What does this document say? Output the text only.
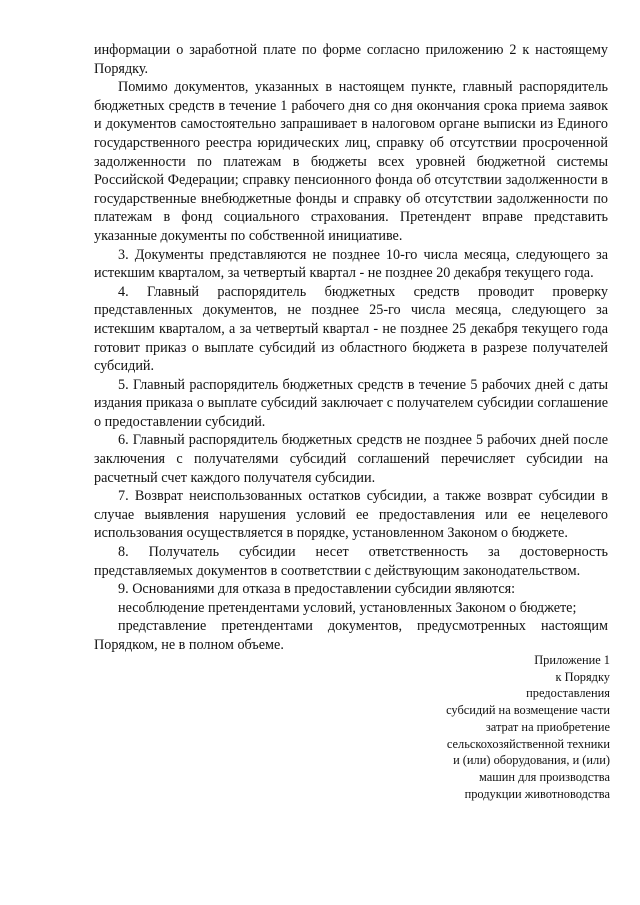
информации о заработной плате по форме согласно приложению 2 к настоящему Порядку.

Помимо документов, указанных в настоящем пункте, главный распорядитель бюджетных средств в течение 1 рабочего дня со дня окончания срока приема заявок и документов самостоятельно запрашивает в налоговом органе выписки из Единого государственного реестра юридических лиц, справку об отсутствии просроченной задолженности по платежам в бюджеты всех уровней бюджетной системы Российской Федерации; справку пенсионного фонда об отсутствии задолженности в государственные внебюджетные фонды и справку об отсутствии задолженности по платежам в фонд социального страхования. Претендент вправе представить указанные документы по собственной инициативе.

3. Документы представляются не позднее 10-го числа месяца, следующего за истекшим кварталом, за четвертый квартал - не позднее 20 декабря текущего года.

4. Главный распорядитель бюджетных средств проводит проверку представленных документов, не позднее 25-го числа месяца, следующего за истекшим кварталом, а за четвертый квартал - не позднее 25 декабря текущего года готовит приказ о выплате субсидий из областного бюджета в разрезе получателей субсидий.

5. Главный распорядитель бюджетных средств в течение 5 рабочих дней с даты издания приказа о выплате субсидий заключает с получателем субсидии соглашение о предоставлении субсидий.

6. Главный распорядитель бюджетных средств не позднее 5 рабочих дней после заключения с получателями субсидий соглашений перечисляет субсидии на расчетный счет каждого получателя субсидии.

7. Возврат неиспользованных остатков субсидии, а также возврат субсидии в случае выявления нарушения условий ее предоставления или ее нецелевого использования осуществляется в порядке, установленном Законом о бюджете.

8. Получатель субсидии несет ответственность за достоверность представляемых документов в соответствии с действующим законодательством.

9. Основаниями для отказа в предоставлении субсидии являются:

несоблюдение претендентами условий, установленных Законом о бюджете;

представление претендентами документов, предусмотренных настоящим Порядком, не в полном объеме.

Приложение 1
к Порядку
предоставления
субсидий на возмещение части
затрат на приобретение
сельскохозяйственной техники
и (или) оборудования, и (или)
машин для производства
продукции животноводства
